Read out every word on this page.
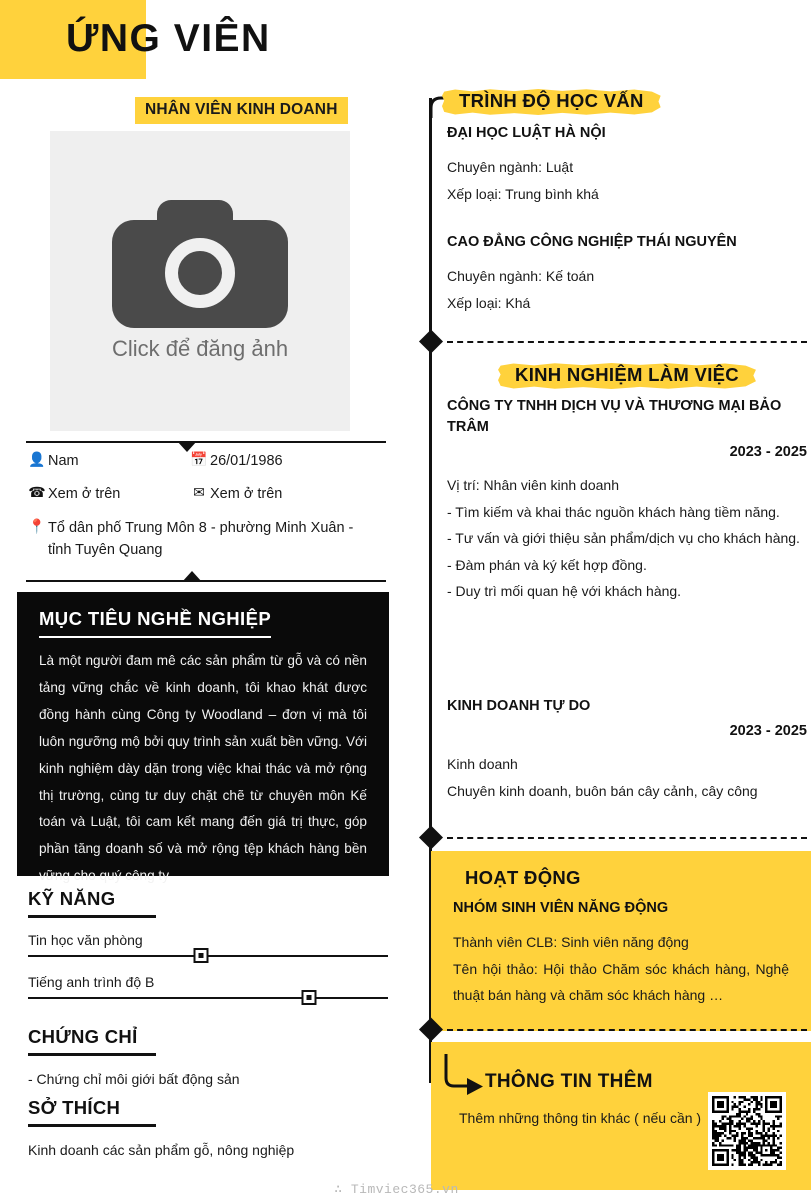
ỨNG VIÊN
NHÂN VIÊN KINH DOANH
Click để đăng ảnh
👤 Nam	📅 26/01/1986
☎ Xem ở trên	✉ Xem ở trên
📍 Tổ dân phố Trung Môn 8 - phường Minh Xuân - tỉnh Tuyên Quang
MỤC TIÊU NGHỀ NGHIỆP
Là một người đam mê các sản phẩm từ gỗ và có nền tảng vững chắc về kinh doanh, tôi khao khát được đồng hành cùng Công ty Woodland – đơn vị mà tôi luôn ngưỡng mộ bởi quy trình sản xuất bền vững. Với kinh nghiệm dày dặn trong việc khai thác và mở rộng thị trường, cùng tư duy chặt chẽ từ chuyên môn Kế toán và Luật, tôi cam kết mang đến giá trị thực, góp phần tăng doanh số và mở rộng tệp khách hàng bền vững cho quý công ty
KỸ NĂNG
Tin học văn phòng
Tiếng anh trình độ B
CHỨNG CHỈ
- Chứng chỉ môi giới bất động sản
SỞ THÍCH
Kinh doanh các sản phẩm gỗ, nông nghiệp
TRÌNH ĐỘ HỌC VẤN
ĐẠI HỌC LUẬT HÀ NỘI
Chuyên ngành: Luật
Xếp loại: Trung bình khá
CAO ĐẲNG CÔNG NGHIỆP THÁI NGUYÊN
Chuyên ngành: Kế toán
Xếp loại: Khá
KINH NGHIỆM LÀM VIỆC
CÔNG TY TNHH DỊCH VỤ VÀ THƯƠNG MẠI BẢO TRÂM
2023 - 2025
Vị trí: Nhân viên kinh doanh
- Tìm kiếm và khai thác nguồn khách hàng tiềm năng.
- Tư vấn và giới thiệu sản phẩm/dịch vụ cho khách hàng.
- Đàm phán và ký kết hợp đồng.
- Duy trì mối quan hệ với khách hàng.
KINH DOANH TỰ DO
2023 - 2025
Kinh doanh
Chuyên kinh doanh, buôn bán cây cảnh, cây công
HOẠT ĐỘNG
NHÓM SINH VIÊN NĂNG ĐỘNG
Thành viên CLB: Sinh viên năng động
Tên hội thảo: Hội thảo Chăm sóc khách hàng, Nghệ thuật bán hàng và chăm sóc khách hàng …
THÔNG TIN THÊM
Thêm những thông tin khác ( nếu cần )
∴ Timviec365.vn
